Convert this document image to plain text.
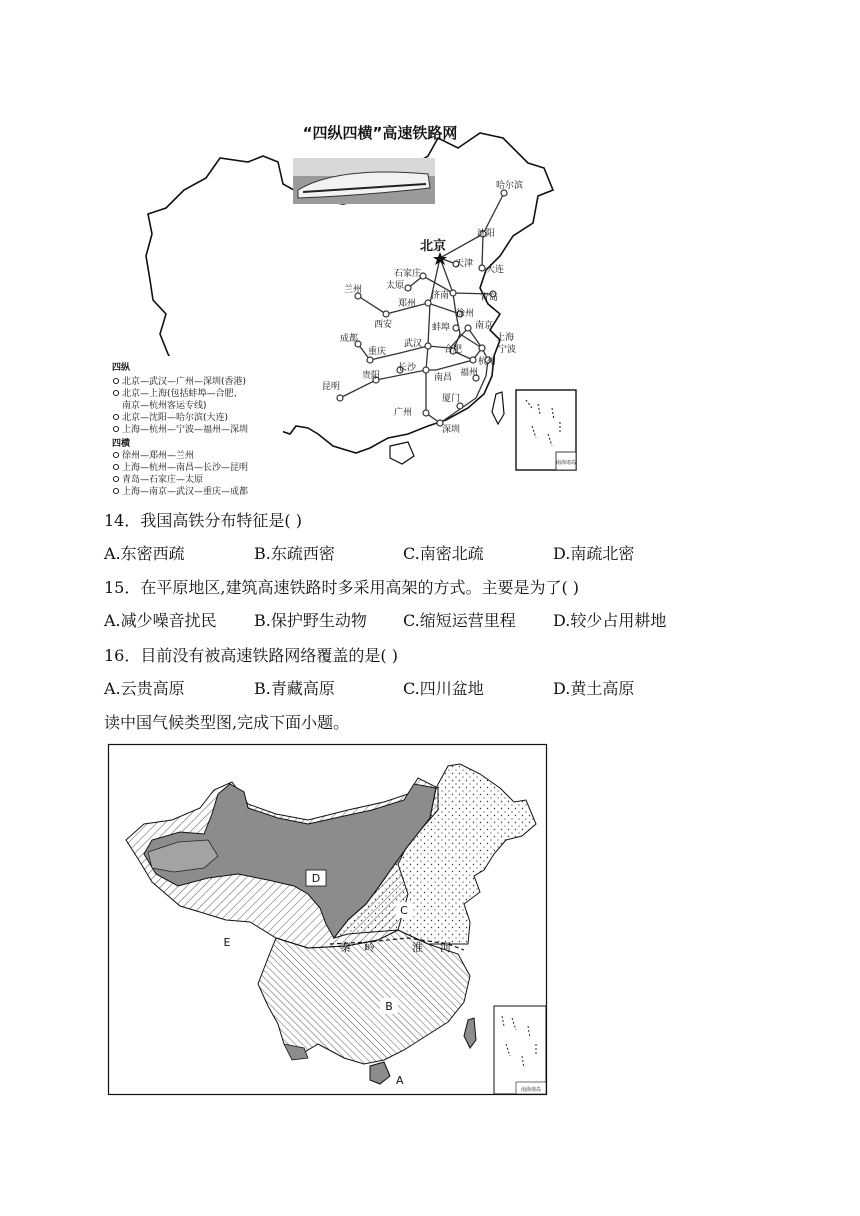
“四纵四横”高速铁路网
北京
哈尔滨
沈阳
天津
大连
石家庄
太原
兰州
济南	青岛
郑州
徐州
西安	蚌埠	南京
上海
成都	武汉
合肥	宁波
杭州
重庆
长沙
贵阳	南昌 福州
昆明
广州
厦门
深圳
南海诸岛
四纵
北京—武汉—广州—深圳(香港)
北京—上海(包括蚌埠—合肥、
南京—杭州客运专线)
北京—沈阳—哈尔滨(大连)
上海—杭州—宁波—福州—深圳
四横
徐州—郑州—兰州
上海—杭州—南昌—长沙—昆明
青岛—石家庄—太原
上海—南京—武汉—重庆—成都
14．我国高铁分布特征是( )
A.东密西疏	B.东疏西密	C.南密北疏	D.南疏北密
15．在平原地区,建筑高速铁路时多采用高架的方式。主要是为了( )
A.减少噪音扰民 B.保护野生动物 C.缩短运营里程 D.较少占用耕地
16．目前没有被高速铁路网络覆盖的是( )
A.云贵高原	B.青藏高原	C.四川盆地	D.黄土高原
读中国气候类型图,完成下面小题。
D
C
E
B
A
秦 岭	淮 河
南海诸岛
